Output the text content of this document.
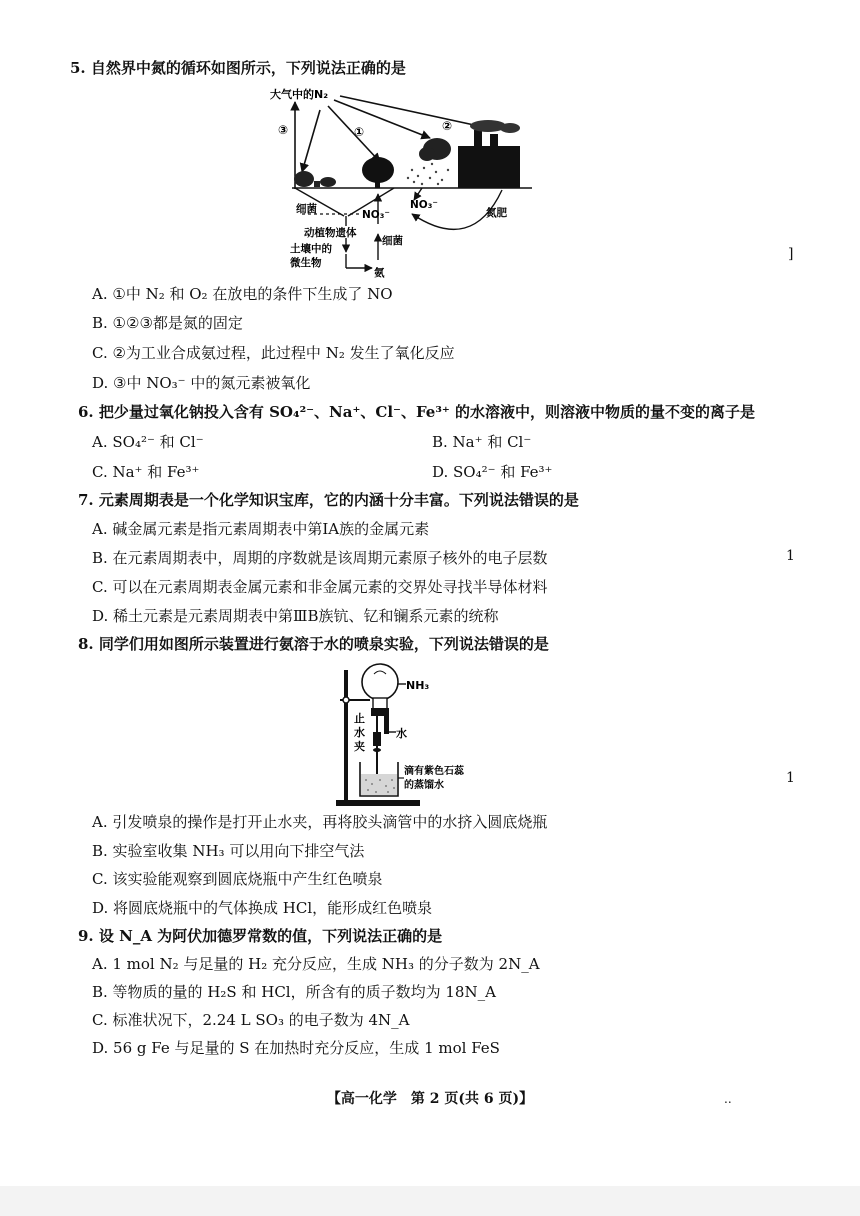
5. 自然界中氮的循环如图所示，下列说法正确的是
大气中的N₂
③	①	②
细菌	NO₃⁻
NO₃⁻
动植物遗体
土壤中的
微生物
细菌
氨
氮肥
A. ①中 N₂ 和 O₂ 在放电的条件下生成了 NO
B. ①②③都是氮的固定
C. ②为工业合成氨过程，此过程中 N₂ 发生了氧化反应
D. ③中 NO₃⁻ 中的氮元素被氧化
6. 把少量过氧化钠投入含有 SO₄²⁻、Na⁺、Cl⁻、Fe³⁺ 的水溶液中，则溶液中物质的量不变的离子是
A. SO₄²⁻ 和 Cl⁻	B. Na⁺ 和 Cl⁻
C. Na⁺ 和 Fe³⁺	D. SO₄²⁻ 和 Fe³⁺
7. 元素周期表是一个化学知识宝库，它的内涵十分丰富。下列说法错误的是
A. 碱金属元素是指元素周期表中第ⅠA族的金属元素
B. 在元素周期表中，周期的序数就是该周期元素原子核外的电子层数
C. 可以在元素周期表金属元素和非金属元素的交界处寻找半导体材料
D. 稀土元素是元素周期表中第ⅢB族钪、钇和镧系元素的统称
8. 同学们用如图所示装置进行氨溶于水的喷泉实验，下列说法错误的是
NH₃
止
水
夹
水
滴有紫色石蕊
的蒸馏水
A. 引发喷泉的操作是打开止水夹，再将胶头滴管中的水挤入圆底烧瓶
B. 实验室收集 NH₃ 可以用向下排空气法
C. 该实验能观察到圆底烧瓶中产生红色喷泉
D. 将圆底烧瓶中的气体换成 HCl，能形成红色喷泉
9. 设 N_A 为阿伏加德罗常数的值，下列说法正确的是
A. 1 mol N₂ 与足量的 H₂ 充分反应，生成 NH₃ 的分子数为 2N_A
B. 等物质的量的 H₂S 和 HCl，所含有的质子数均为 18N_A
C. 标准状况下，2.24 L SO₃ 的电子数为 4N_A
D. 56 g Fe 与足量的 S 在加热时充分反应，生成 1 mol FeS
]
1
1
【高一化学　第 2 页(共 6 页)】	..
